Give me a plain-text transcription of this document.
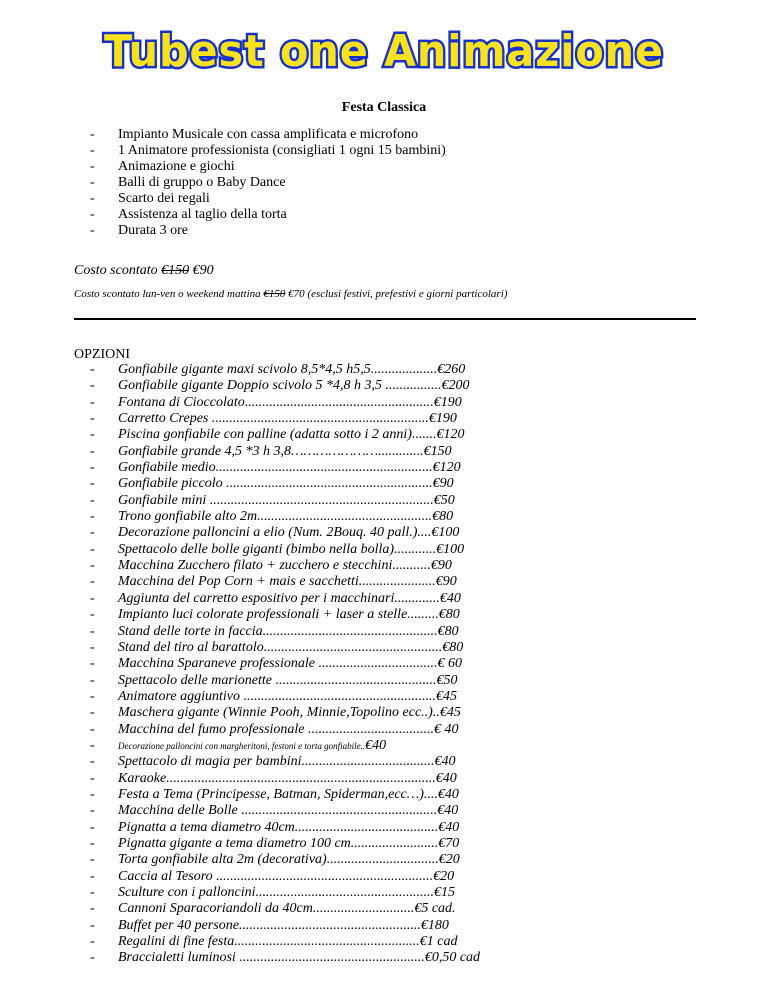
Tubest one Animazione
Festa Classica
- Impianto Musicale con cassa amplificata e microfono
- 1 Animatore professionista (consigliati 1 ogni 15 bambini)
- Animazione e giochi
- Balli di gruppo o Baby Dance
- Scarto dei regali
- Assistenza al taglio della torta
- Durata 3 ore
Costo scontato €150 €90
Costo scontato lun-ven o weekend mattina €150 €70 (esclusi festivi, prefestivi e giorni particolari)
OPZIONI
- Gonfiabile gigante maxi scivolo 8,5*4,5 h5,5...................€260
- Gonfiabile gigante Doppio scivolo 5 *4,8 h 3,5 ................€200
- Fontana di Cioccolato......................................................€190
- Carretto Crepes ..............................................................€190
- Piscina gonfiabile con palline (adatta sotto i 2 anni).......€120
- Gonfiabile grande 4,5 *3 h 3,8………………….............€150
- Gonfiabile medio..............................................................€120
- Gonfiabile piccolo ...........................................................€90
- Gonfiabile mini ................................................................€50
- Trono gonfiabile alto 2m..................................................€80
- Decorazione palloncini a elio (Num. 2Bouq. 40 pall.)....€100
- Spettacolo delle bolle giganti (bimbo nella bolla)............€100
- Macchina Zucchero filato + zucchero e stecchini...........€90
- Macchina del Pop Corn + mais e sacchetti......................€90
- Aggiunta del carretto espositivo per i macchinari.............€40
- Impianto luci colorate professionali + laser a stelle.........€80
- Stand delle torte in faccia..................................................€80
- Stand del tiro al barattolo...................................................€80
- Macchina Sparaneve professionale ..................................€ 60
- Spettacolo delle marionette ..............................................€50
- Animatore aggiuntivo .......................................................€45
- Maschera gigante (Winnie Pooh, Minnie,Topolino ecc..)..€45
- Macchina del fumo professionale ....................................€ 40
- Decorazione palloncini con margheritoni, festoni e torta gonfiabile..€40
- Spettacolo di magia per bambini......................................€40
- Karaoke.............................................................................€40
- Festa a Tema (Principesse, Batman, Spiderman,ecc…)....€40
- Macchina delle Bolle ........................................................€40
- Pignatta a tema diametro 40cm.........................................€40
- Pignatta gigante a tema diametro 100 cm.........................€70
- Torta gonfiabile alta 2m (decorativa)................................€20
- Caccia al Tesoro ..............................................................€20
- Sculture con i palloncini...................................................€15
- Cannoni Sparacoriandoli da 40cm.............................€5 cad.
- Buffet per 40 persone....................................................€180
- Regalini di fine festa.....................................................€1 cad
- Braccialetti luminosi .....................................................€0,50 cad
